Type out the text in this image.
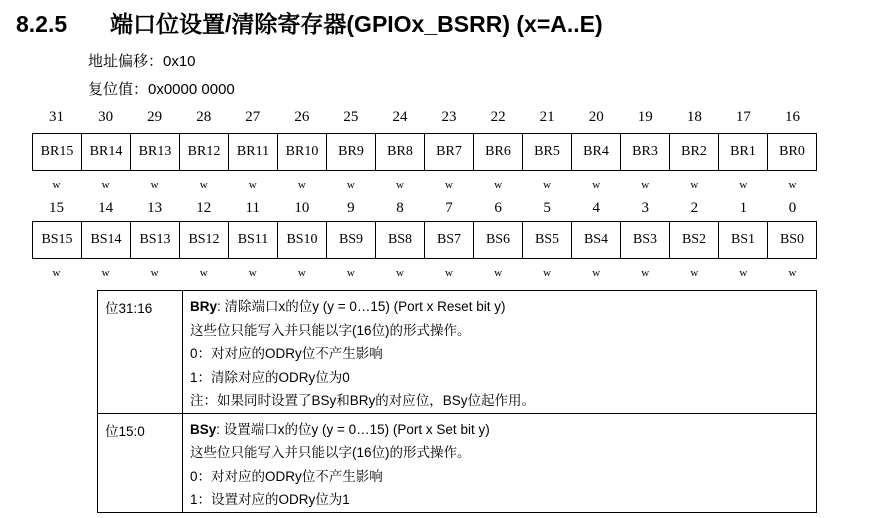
8.2.5 端口位设置/清除寄存器(GPIOx_BSRR) (x=A..E)
地址偏移：0x10
复位值：0x0000 0000
31	30	29	28	27	26	25	24	23	22	21	20	19	18	17	16
BR15	BR14	BR13	BR12	BR11	BR10	BR9	BR8	BR7	BR6	BR5	BR4	BR3	BR2	BR1	BR0
w	w	w	w	w	w	w	w	w	w	w	w	w	w	w	w
15	14	13	12	11	10	9	8	7	6	5	4	3	2	1	0
BS15	BS14	BS13	BS12	BS11	BS10	BS9	BS8	BS7	BS6	BS5	BS4	BS3	BS2	BS1	BS0
w	w	w	w	w	w	w	w	w	w	w	w	w	w	w	w
位31:16	BRy: 清除端口x的位y (y = 0…15) (Port x Reset bit y)
这些位只能写入并只能以字(16位)的形式操作。
0：对对应的ODRy位不产生影响
1：清除对应的ODRy位为0
注：如果同时设置了BSy和BRy的对应位，BSy位起作用。

位15:0	BSy: 设置端口x的位y (y = 0…15) (Port x Set bit y)
这些位只能写入并只能以字(16位)的形式操作。
0：对对应的ODRy位不产生影响
1：设置对应的ODRy位为1
